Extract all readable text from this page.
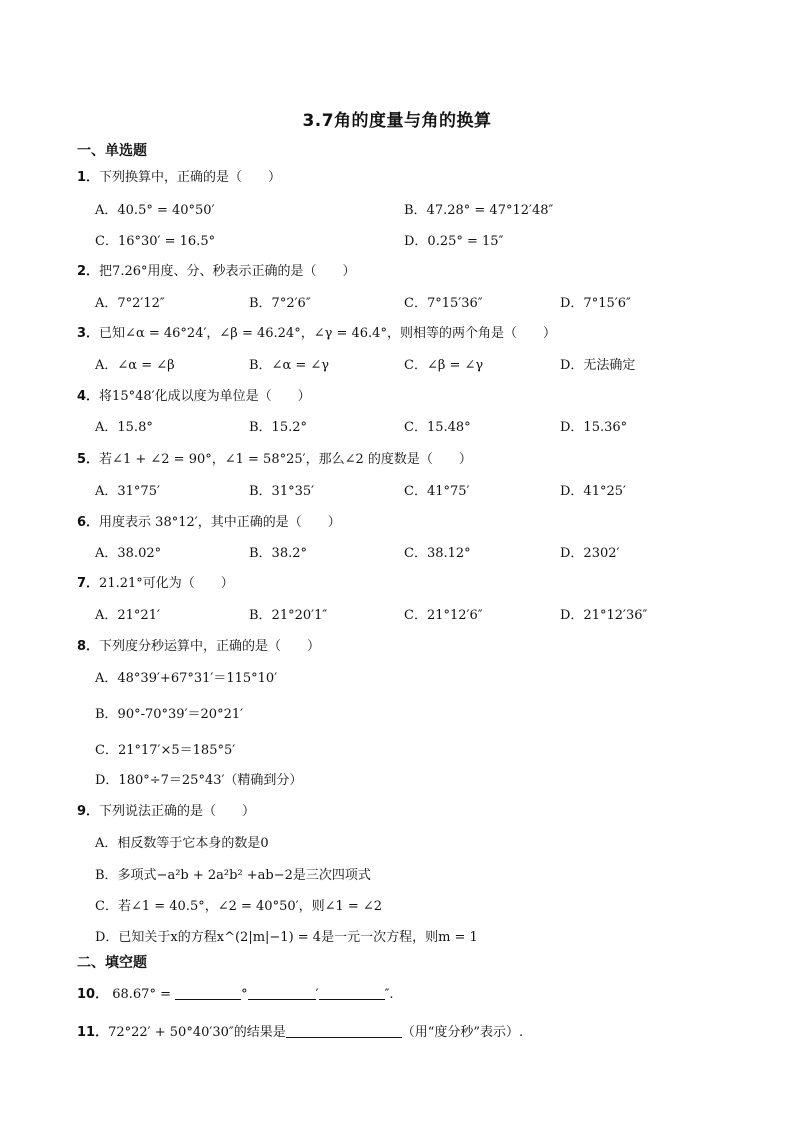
3.7角的度量与角的换算
一、单选题
1．下列换算中，正确的是（　　）
A．40.5° = 40°50′	B．47.28° = 47°12′48″
C．16°30′ = 16.5°	D．0.25° = 15″
2．把7.26°用度、分、秒表示正确的是（　　）
A．7°2′12″	B．7°2′6″	C．7°15′36″	D．7°15′6″
3．已知∠α = 46°24′，∠β = 46.24°，∠γ = 46.4°，则相等的两个角是（　　）
A．∠α = ∠β	B．∠α = ∠γ	C．∠β = ∠γ	D．无法确定
4．将15°48′化成以度为单位是（　　）
A．15.8°	B．15.2°	C．15.48°	D．15.36°
5．若∠1 + ∠2 = 90°，∠1 = 58°25′，那么∠2 的度数是（　　）
A．31°75′	B．31°35′	C．41°75′	D．41°25′
6．用度表示 38°12′，其中正确的是（　　）
A．38.02°	B．38.2°	C．38.12°	D．2302′
7．21.21°可化为（　　）
A．21°21′	B．21°20′1″	C．21°12′6″	D．21°12′36″
8．下列度分秒运算中，正确的是（　　）
A．48°39′+67°31′＝115°10′
B．90°-70°39′＝20°21′
C．21°17′×5＝185°5′
D．180°÷7＝25°43′（精确到分）
9．下列说法正确的是（　　）
A．相反数等于它本身的数是0
B．多项式−a²b + 2a²b² +ab−2是三次四项式
C．若∠1 = 40.5°，∠2 = 40°50′，则∠1 = ∠2
D．已知关于x的方程x^(2|m|−1) = 4是一元一次方程，则m = 1
二、填空题
10． 68.67° =	°	′	″.
11．72°22′ + 50°40′30″的结果是	（用“度分秒”表示）.
